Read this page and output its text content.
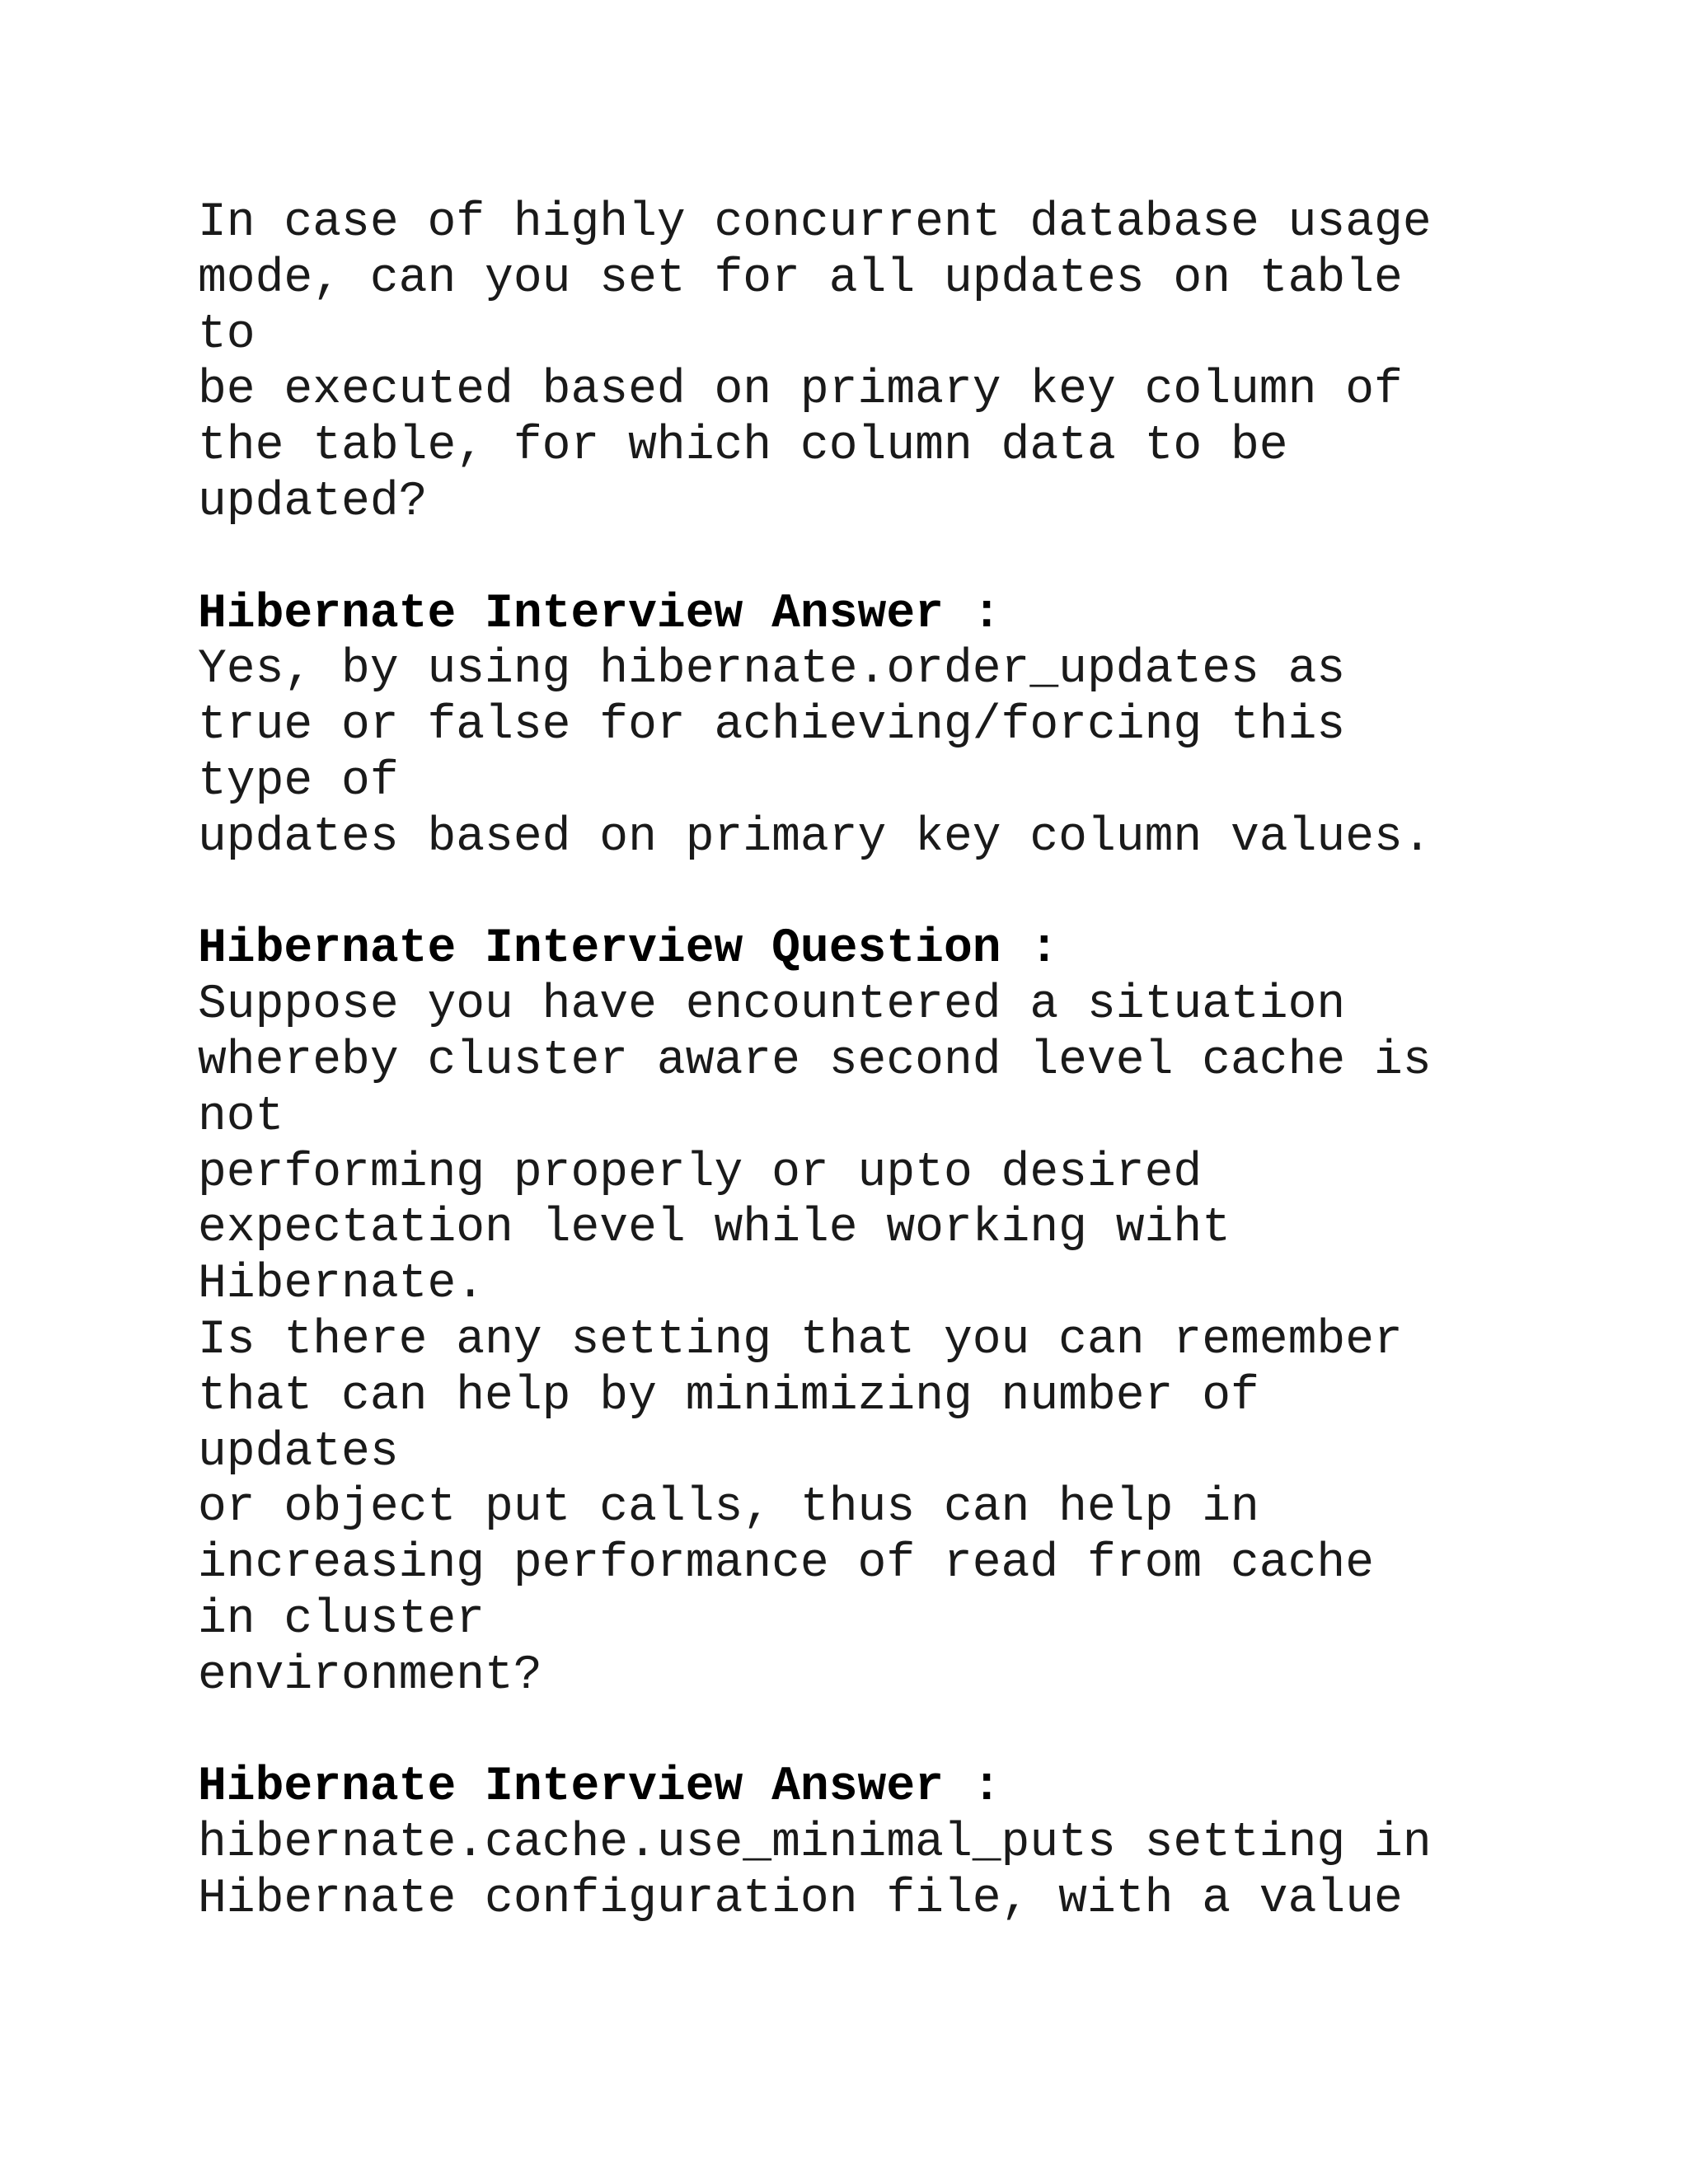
In case of highly concurrent database usage
mode, can you set for all updates on table
to
be executed based on primary key column of
the table, for which column data to be
updated?
Hibernate Interview Answer :
Yes, by using hibernate.order_updates as
true or false for achieving/forcing this
type of
updates based on primary key column values.
Hibernate Interview Question :
Suppose you have encountered a situation
whereby cluster aware second level cache is
not
performing properly or upto desired
expectation level while working wiht
Hibernate.
Is there any setting that you can remember
that can help by minimizing number of
updates
or object put calls, thus can help in
increasing performance of read from cache
in cluster
environment?
Hibernate Interview Answer :
hibernate.cache.use_minimal_puts setting in
Hibernate configuration file, with a value
